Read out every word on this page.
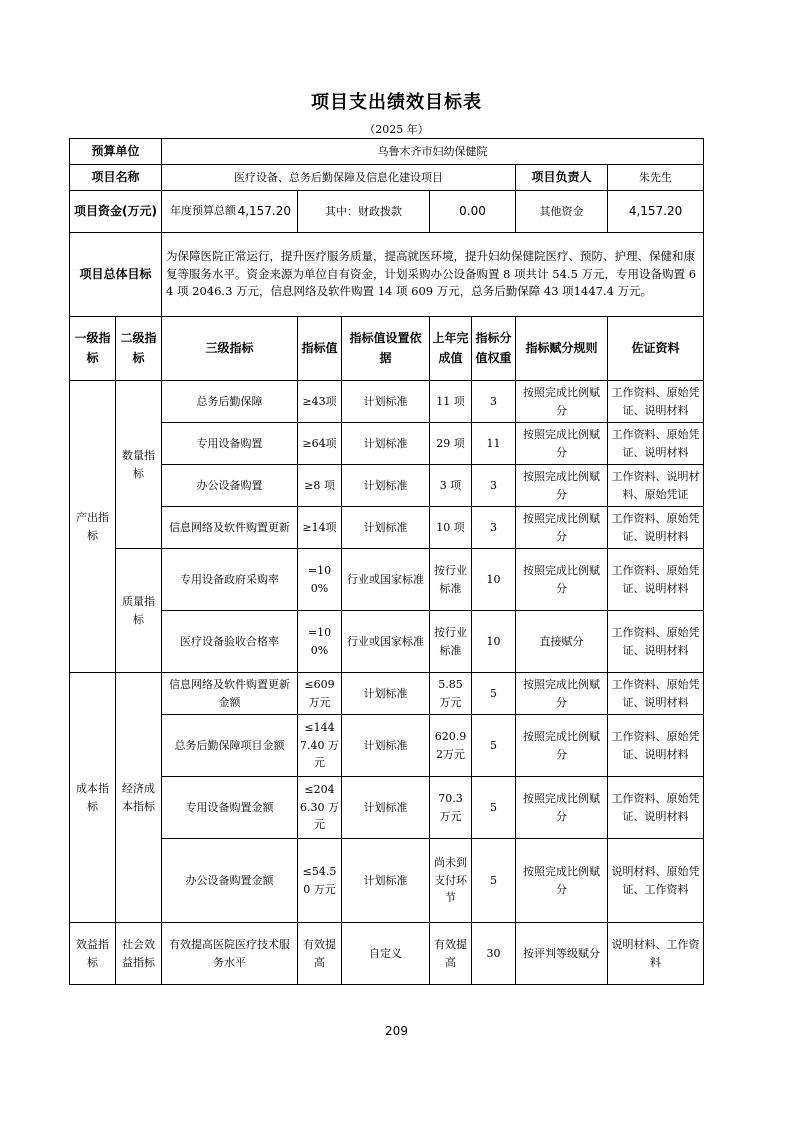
项目支出绩效目标表
（2025 年）
预算单位		乌鲁木齐市妇幼保健院						
项目名称		医疗设备、总务后勤保障及信息化建设项目					项目负责人	朱先生
项目资金(万元)		年度预算总额 4,157.20	其中：财政拨款		0.00		其他资金	4,157.20
项目总体目标		为保障医院正常运行，提升医疗服务质量，提高就医环境，提升妇幼保健院医疗、预防、护理、保健和康复等服务水平。资金来源为单位自有资金，计划采购办公设备购置 8 项共计 54.5 万元，专用设备购置 64 项 2046.3 万元，信息网络及软件购置 14 项 609 万元，总务后勤保障 43 项1447.4 万元。						
一级指标	二级指标	三级指标	指标值	指标值设置依据	上年完成值	指标分值权重	指标赋分规则	佐证资料
产出指标	数量指标	总务后勤保障	≥43项	计划标准	11 项	3	按照完成比例赋分	工作资料、原始凭证、说明材料
		专用设备购置	≥64项	计划标准	29 项	11	按照完成比例赋分	工作资料、原始凭证、说明材料
		办公设备购置	≥8 项	计划标准	3 项	3	按照完成比例赋分	工作资料、说明材料、原始凭证
		信息网络及软件购置更新	≥14项	计划标准	10 项	3	按照完成比例赋分	工作资料、原始凭证、说明材料
	质量指标	专用设备政府采购率	=100%	行业或国家标准	按行业标准	10	按照完成比例赋分	工作资料、原始凭证、说明材料
		医疗设备验收合格率	=100%	行业或国家标准	按行业标准	10	直接赋分	工作资料、原始凭证、说明材料
成本指标	经济成本指标	信息网络及软件购置更新金额	≤609万元	计划标准	5.85 万元	5	按照完成比例赋分	工作资料、原始凭证、说明材料
		总务后勤保障项目金额	≤1447.40 万元	计划标准	620.92万元	5	按照完成比例赋分	工作资料、原始凭证、说明材料
		专用设备购置金额	≤2046.30 万元	计划标准	70.3 万元	5	按照完成比例赋分	工作资料、原始凭证、说明材料
		办公设备购置金额	≤54.50 万元	计划标准	尚未到支付环节	5	按照完成比例赋分	说明材料、原始凭证、工作资料
效益指标	社会效益指标	有效提高医院医疗技术服务水平	有效提高	自定义	有效提高	30	按评判等级赋分	说明材料、工作资料
209
